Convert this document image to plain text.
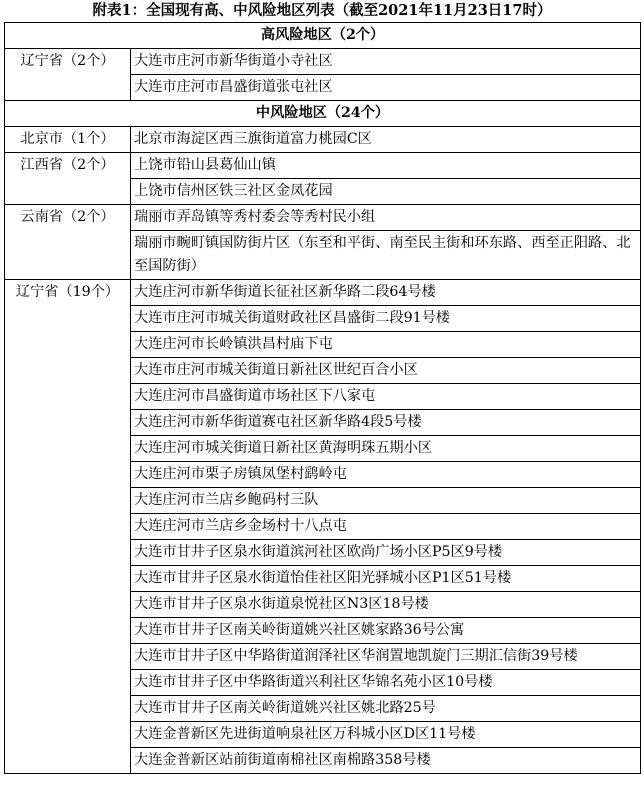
附表1：全国现有高、中风险地区列表（截至2021年11月23日17时）
高风险地区（2个）	
辽宁省（2个）	大连市庄河市新华街道小寺社区
	大连市庄河市昌盛街道张屯社区
中风险地区（24个）	
北京市（1个）	北京市海淀区西三旗街道富力桃园C区
江西省（2个）	上饶市铅山县葛仙山镇
	上饶市信州区铁三社区金凤花园
云南省（2个）	瑞丽市弄岛镇等秀村委会等秀村民小组
	瑞丽市畹町镇国防街片区（东至和平街、南至民主街和环东路、西至正阳路、北至国防街）
辽宁省（19个）	大连庄河市新华街道长征社区新华路二段64号楼
	大连市庄河市城关街道财政社区昌盛街二段91号楼
	大连庄河市长岭镇洪昌村庙下屯
	大连市庄河市城关街道日新社区世纪百合小区
	大连庄河市昌盛街道市场社区下八家屯
	大连庄河市新华街道赛屯社区新华路4段5号楼
	大连庄河市城关街道日新社区黄海明珠五期小区
	大连庄河市栗子房镇凤堡村鹞岭屯
	大连庄河市兰店乡鲍码村三队
	大连庄河市兰店乡金场村十八点屯
	大连市甘井子区泉水街道滨河社区欧尚广场小区P5区9号楼
	大连市甘井子区泉水街道怡佳社区阳光驿城小区P1区51号楼
	大连市甘井子区泉水街道泉悦社区N3区18号楼
	大连市甘井子区南关岭街道姚兴社区姚家路36号公寓
	大连市甘井子区中华路街道润泽社区华润置地凯旋门三期汇信街39号楼
	大连市甘井子区中华路街道兴利社区华锦名苑小区10号楼
	大连市甘井子区南关岭街道姚兴社区姚北路25号
	大连金普新区先进街道响泉社区万科城小区D区11号楼
	大连金普新区站前街道南棉社区南棉路358号楼
